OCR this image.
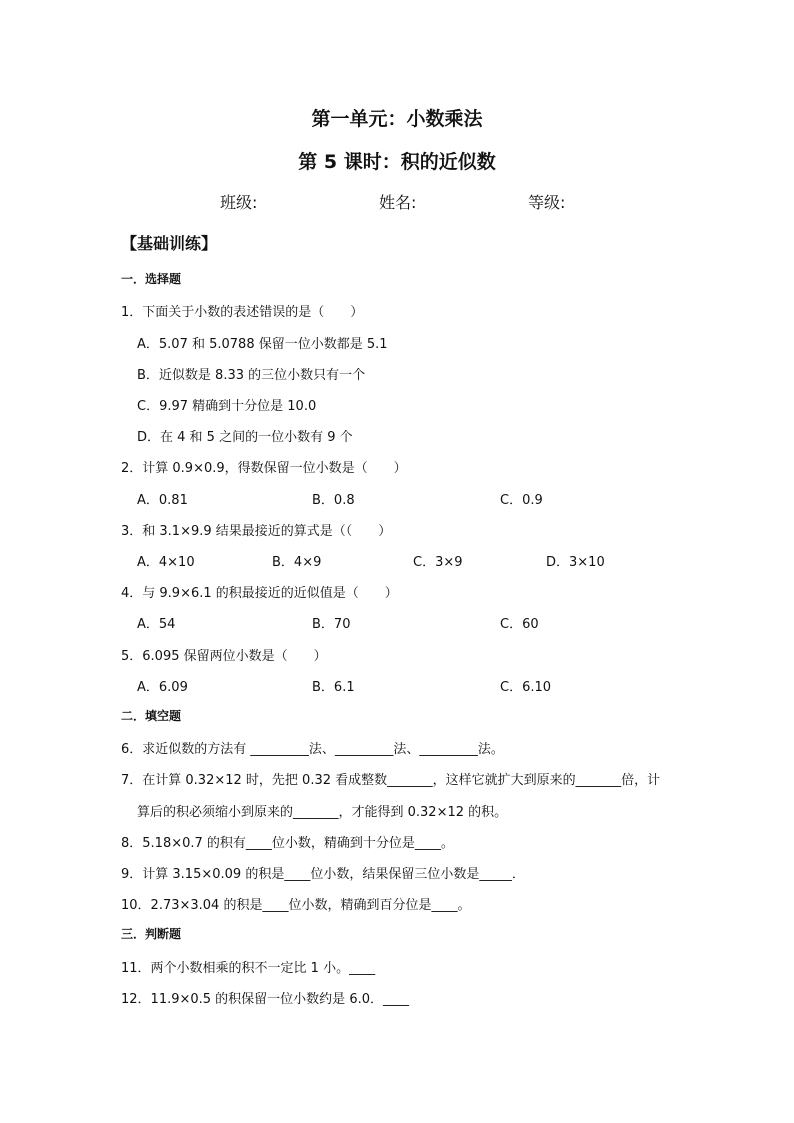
第一单元：小数乘法
第 5 课时：积的近似数
班级:	姓名:	等级:
【基础训练】
一．选择题
1．下面关于小数的表述错误的是（　　）
A．5.07 和 5.0788 保留一位小数都是 5.1
B．近似数是 8.33 的三位小数只有一个
C．9.97 精确到十分位是 10.0
D．在 4 和 5 之间的一位小数有 9 个
2．计算 0.9×0.9，得数保留一位小数是（　　）
A．0.81	B．0.8	C．0.9
3．和 3.1×9.9 结果最接近的算式是（（　　）
A．4×10	B．4×9	C．3×9	D．3×10
4．与 9.9×6.1 的积最接近的近似值是（　　）
A．54	B．70	C．60
5．6.095 保留两位小数是（　　）
A．6.09	B．6.1	C．6.10
二．填空题
6．求近似数的方法有 _________法、_________法、_________法。
7．在计算 0.32×12 时，先把 0.32 看成整数_______，这样它就扩大到原来的_______倍，计
算后的积必须缩小到原来的_______，才能得到 0.32×12 的积。
8．5.18×0.7 的积有____位小数，精确到十分位是____。
9．计算 3.15×0.09 的积是____位小数，结果保留三位小数是_____．
10．2.73×3.04 的积是____位小数，精确到百分位是____。
三．判断题
11．两个小数相乘的积不一定比 1 小。____
12．11.9×0.5 的积保留一位小数约是 6.0．____
